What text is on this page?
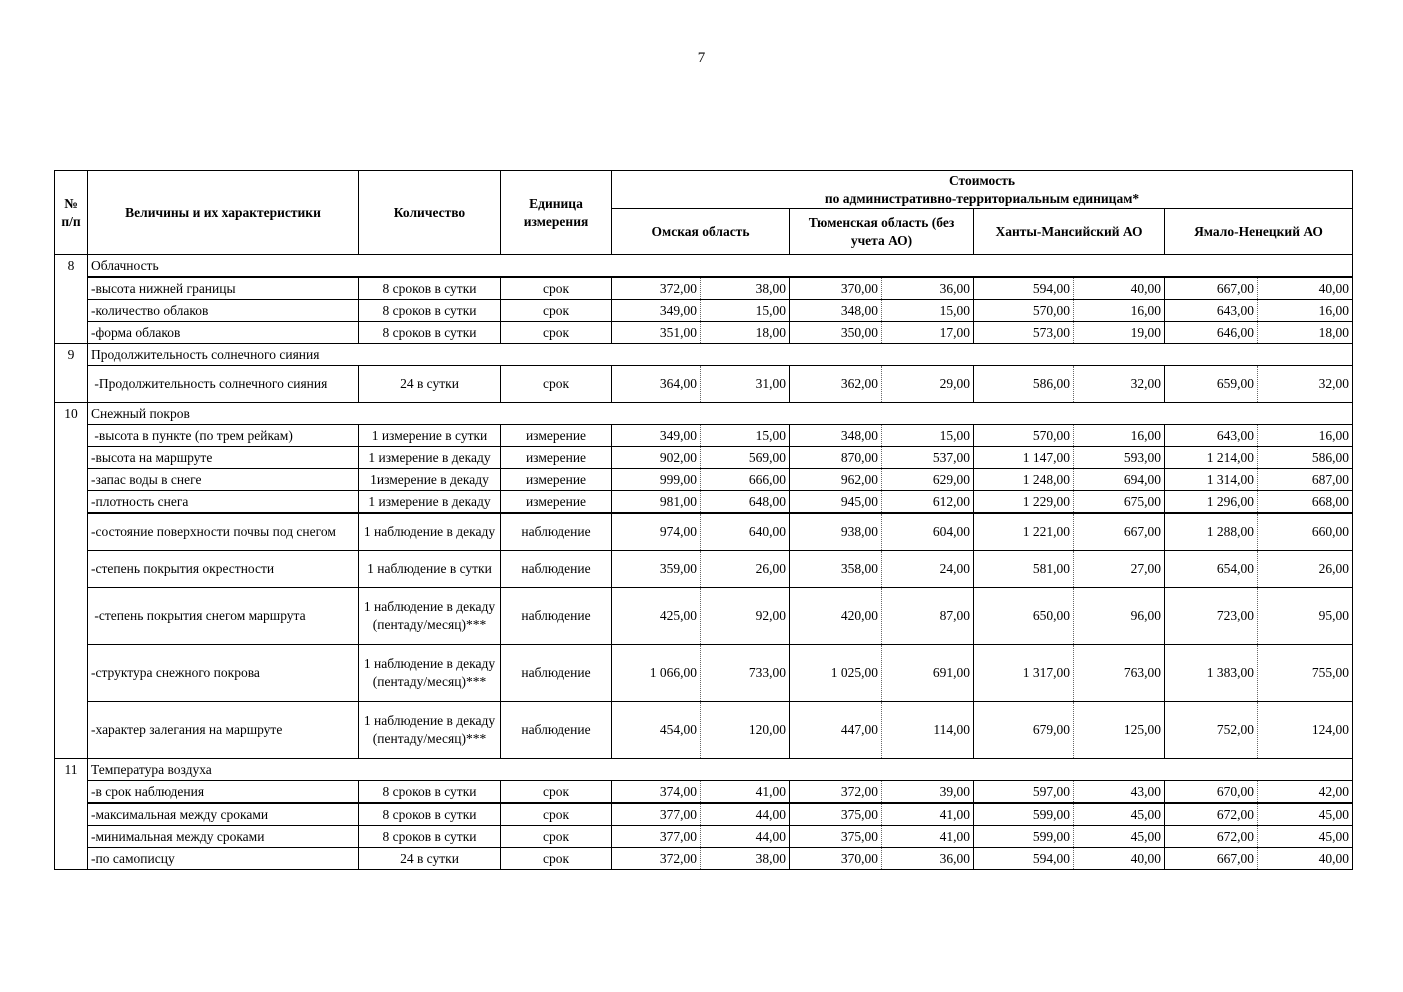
7
№ п/п	Величины и их характеристики	Количество	Единица измерения	Стоимость
по административно-территориальным единицам*							

				Омская область		Тюменская область (без учета АО)		Ханты-Мансийский АО		Ямало-Ненецкий АО	
8	Облачность										
	-высота нижней границы	8 сроков в сутки	срок	372,00	38,00	370,00	36,00	594,00	40,00	667,00	40,00
	-количество облаков	8 сроков в сутки	срок	349,00	15,00	348,00	15,00	570,00	16,00	643,00	16,00
	-форма облаков	8 сроков в сутки	срок	351,00	18,00	350,00	17,00	573,00	19,00	646,00	18,00
9	Продолжительность солнечного сияния										
	-Продолжительность солнечного сияния	24 в сутки	срок	364,00	31,00	362,00	29,00	586,00	32,00	659,00	32,00
10	Снежный покров										
	-высота в пункте (по трем рейкам)	1 измерение в сутки	измерение	349,00	15,00	348,00	15,00	570,00	16,00	643,00	16,00
	-высота на маршруте	1 измерение в декаду	измерение	902,00	569,00	870,00	537,00	1 147,00	593,00	1 214,00	586,00
	-запас воды в снеге	1измерение в декаду	измерение	999,00	666,00	962,00	629,00	1 248,00	694,00	1 314,00	687,00
	-плотность снега	1 измерение в декаду	измерение	981,00	648,00	945,00	612,00	1 229,00	675,00	1 296,00	668,00
	-состояние поверхности почвы под снегом	1 наблюдение в декаду	наблюдение	974,00	640,00	938,00	604,00	1 221,00	667,00	1 288,00	660,00
	-степень покрытия окрестности	1 наблюдение в сутки	наблюдение	359,00	26,00	358,00	24,00	581,00	27,00	654,00	26,00
	-степень покрытия снегом маршрута	1 наблюдение в декаду (пентаду/месяц)***	наблюдение	425,00	92,00	420,00	87,00	650,00	96,00	723,00	95,00
	-структура снежного покрова	1 наблюдение в декаду (пентаду/месяц)***	наблюдение	1 066,00	733,00	1 025,00	691,00	1 317,00	763,00	1 383,00	755,00
	-характер залегания на маршруте	1 наблюдение в декаду (пентаду/месяц)***	наблюдение	454,00	120,00	447,00	114,00	679,00	125,00	752,00	124,00
11	Температура воздуха										
	-в срок наблюдения	8 сроков в сутки	срок	374,00	41,00	372,00	39,00	597,00	43,00	670,00	42,00
	-максимальная между сроками	8 сроков в сутки	срок	377,00	44,00	375,00	41,00	599,00	45,00	672,00	45,00
	-минимальная между сроками	8 сроков в сутки	срок	377,00	44,00	375,00	41,00	599,00	45,00	672,00	45,00
	-по самописцу	24 в сутки	срок	372,00	38,00	370,00	36,00	594,00	40,00	667,00	40,00
